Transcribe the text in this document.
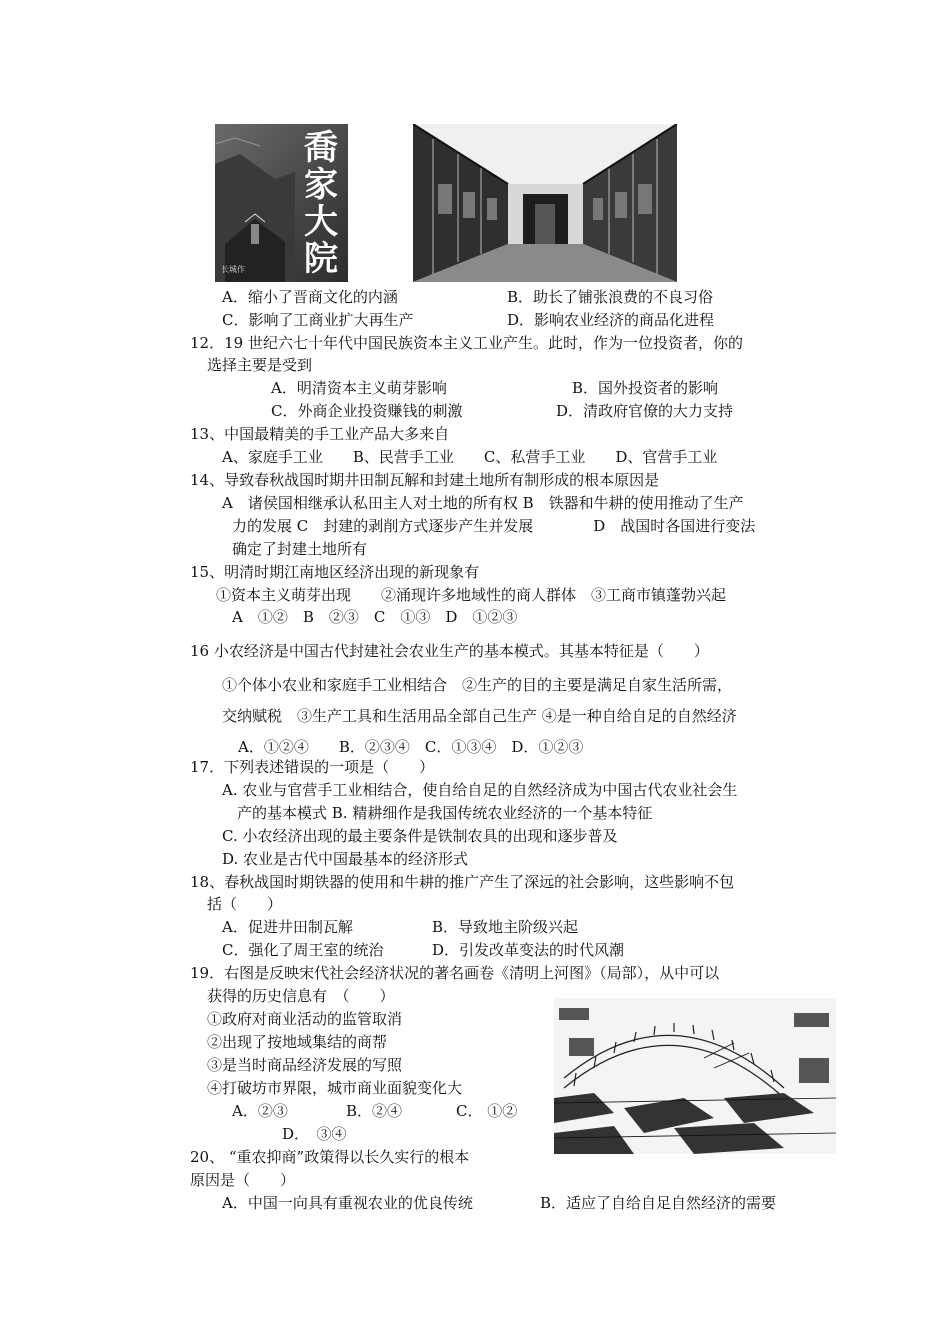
喬家大院
长城作
A．缩小了晋商文化的内涵	B．助长了铺张浪费的不良习俗
C．影响了工商业扩大再生产	D．影响农业经济的商品化进程
12．19 世纪六七十年代中国民族资本主义工业产生。此时，作为一位投资者，你的
选择主要是受到
A．明清资本主义萌芽影响	B．国外投资者的影响
C．外商企业投资赚钱的刺激	D．清政府官僚的大力支持
13、中国最精美的手工业产品大多来自
A、家庭手工业　　B、民营手工业　　C、私营手工业　　D、官营手工业
14、导致春秋战国时期井田制瓦解和封建土地所有制形成的根本原因是
A　诸侯国相继承认私田主人对土地的所有权 B　铁器和牛耕的使用推动了生产
力的发展 C　封建的剥削方式逐步产生并发展　　　　D　战国时各国进行变法
确定了封建土地所有
15、明清时期江南地区经济出现的新现象有
①资本主义萌芽出现　　②涌现许多地域性的商人群体　③工商市镇蓬勃兴起
A　①②　B　②③　C　①③　D　①②③
16 小农经济是中国古代封建社会农业生产的基本模式。其基本特征是（　　）
①个体小农业和家庭手工业相结合　②生产的目的主要是满足自家生活所需，
交纳赋税　③生产工具和生活用品全部自己生产 ④是一种自给自足的自然经济
A．①②④　　B．②③④　C．①③④　D．①②③
17．下列表述错误的一项是（　　）
A. 农业与官营手工业相结合，使自给自足的自然经济成为中国古代农业社会生
产的基本模式 B. 精耕细作是我国传统农业经济的一个基本特征
C. 小农经济出现的最主要条件是铁制农具的出现和逐步普及
D. 农业是古代中国最基本的经济形式
18、春秋战国时期铁器的使用和牛耕的推广产生了深远的社会影响，这些影响不包
括（　　）
A．促进井田制瓦解	B．导致地主阶级兴起
C．强化了周王室的统治	D．引发改革变法的时代风潮
19．右图是反映宋代社会经济状况的著名画卷《清明上河图》（局部），从中可以
获得的历史信息有　（　　）
①政府对商业活动的监管取消
②出现了按地域集结的商帮
③是当时商品经济发展的写照
④打破坊市界限，城市商业面貌变化大
A．②③	B．②④	C． ①②
D．　③④
20、 “重农抑商”政策得以长久实行的根本
原因是（　　）
A．中国一向具有重视农业的优良传统	B．适应了自给自足自然经济的需要
